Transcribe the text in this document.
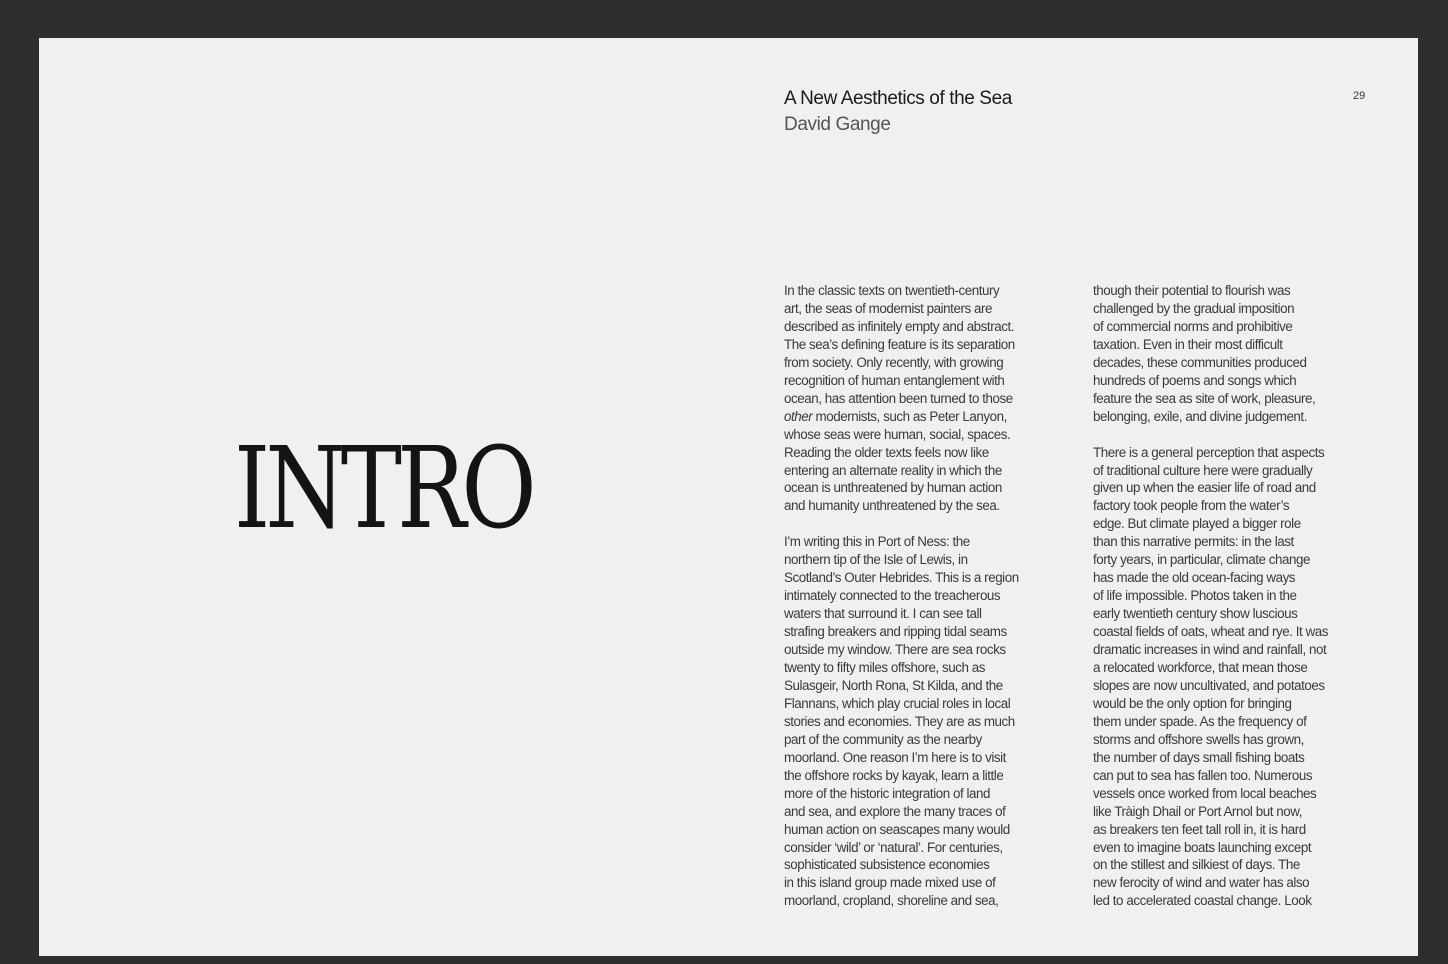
INTRO
A New Aesthetics of the Sea
David Gange
29
In the classic texts on twentieth-century
art, the seas of modernist painters are
described as infinitely empty and abstract.
The sea’s defining feature is its separation
from society. Only recently, with growing
recognition of human entanglement with
ocean, has attention been turned to those
other modernists, such as Peter Lanyon,
whose seas were human, social, spaces.
Reading the older texts feels now like
entering an alternate reality in which the
ocean is unthreatened by human action
and humanity unthreatened by the sea.
I’m writing this in Port of Ness: the
northern tip of the Isle of Lewis, in
Scotland’s Outer Hebrides. This is a region
intimately connected to the treacherous
waters that surround it. I can see tall
strafing breakers and ripping tidal seams
outside my window. There are sea rocks
twenty to fifty miles offshore, such as
Sulasgeir, North Rona, St Kilda, and the
Flannans, which play crucial roles in local
stories and economies. They are as much
part of the community as the nearby
moorland. One reason I’m here is to visit
the offshore rocks by kayak, learn a little
more of the historic integration of land
and sea, and explore the many traces of
human action on seascapes many would
consider ‘wild’ or ‘natural’. For centuries,
sophisticated subsistence economies
in this island group made mixed use of
moorland, cropland, shoreline and sea,
though their potential to flourish was
challenged by the gradual imposition
of commercial norms and prohibitive
taxation. Even in their most difficult
decades, these communities produced
hundreds of poems and songs which
feature the sea as site of work, pleasure,
belonging, exile, and divine judgement.
There is a general perception that aspects
of traditional culture here were gradually
given up when the easier life of road and
factory took people from the water’s
edge. But climate played a bigger role
than this narrative permits: in the last
forty years, in particular, climate change
has made the old ocean-facing ways
of life impossible. Photos taken in the
early twentieth century show luscious
coastal fields of oats, wheat and rye. It was
dramatic increases in wind and rainfall, not
a relocated workforce, that mean those
slopes are now uncultivated, and potatoes
would be the only option for bringing
them under spade. As the frequency of
storms and offshore swells has grown,
the number of days small fishing boats
can put to sea has fallen too. Numerous
vessels once worked from local beaches
like Tràigh Dhail or Port Arnol but now,
as breakers ten feet tall roll in, it is hard
even to imagine boats launching except
on the stillest and silkiest of days. The
new ferocity of wind and water has also
led to accelerated coastal change. Look
